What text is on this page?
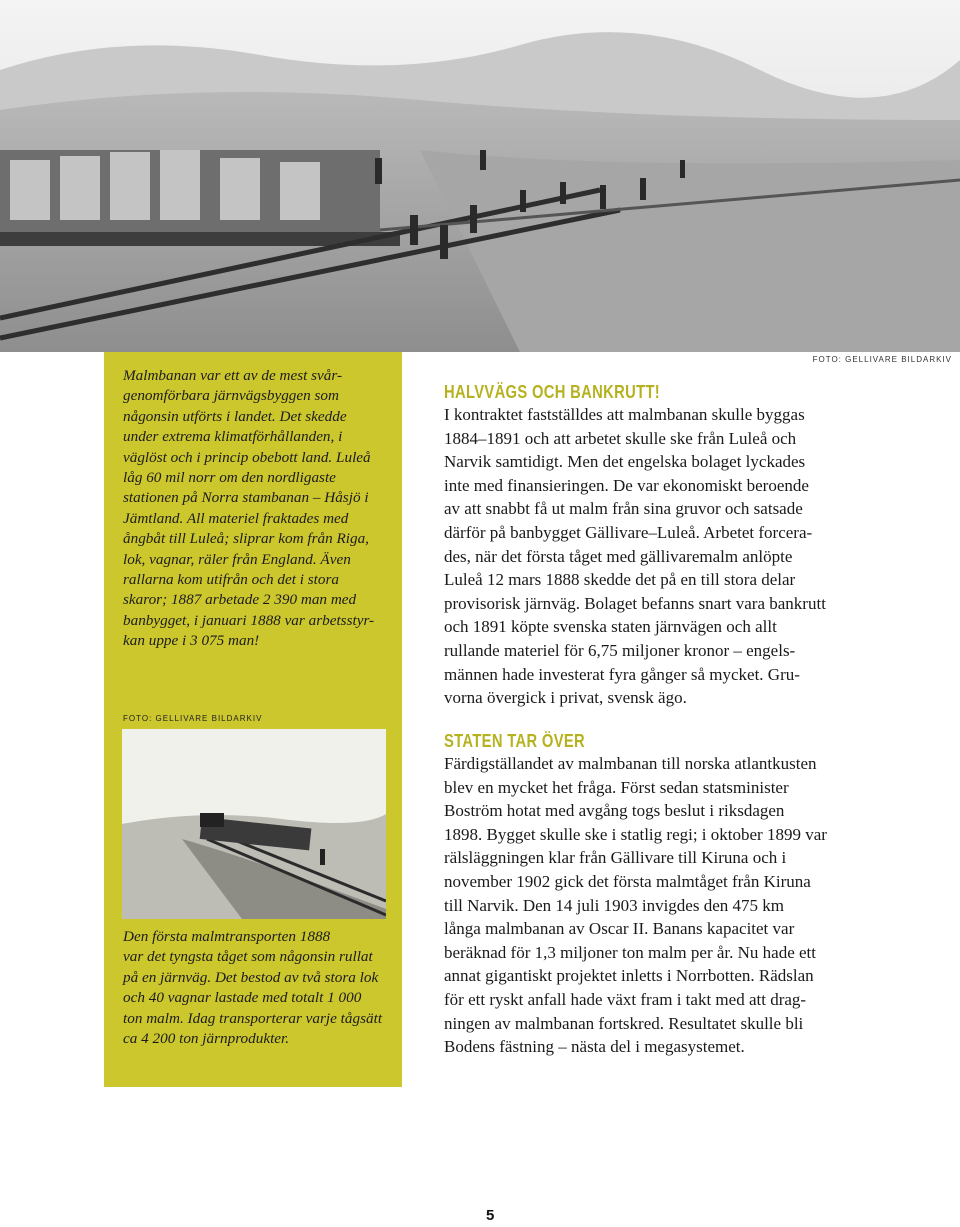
FOTO: GELLIVARE BILDARKIV
Malmbanan var ett av de mest svår-
genomförbara järnvägsbyggen som
någonsin utförts i landet. Det skedde
under extrema klimatförhållanden, i
väglöst och i princip obebott land. Luleå
låg 60 mil norr om den nordligaste
stationen på Norra stambanan – Håsjö i
Jämtland. All materiel fraktades med
ångbåt till Luleå; sliprar kom från Riga,
lok, vagnar, räler från England. Även
rallarna kom utifrån och det i stora
skaror; 1887 arbetade 2 390 man med
banbygget, i januari 1888 var arbetsstyr-
kan uppe i 3 075 man!
FOTO: GELLIVARE BILDARKIV
Den första malmtransporten 1888
var det tyngsta tåget som någonsin rullat
på en järnväg. Det bestod av två stora lok
och 40 vagnar lastade med totalt 1 000
ton malm. Idag transporterar varje tågsätt
ca 4 200 ton järnprodukter.
HALVVÄGS OCH BANKRUTT!

I kontraktet fastställdes att malmbanan skulle byggas
1884–1891 och att arbetet skulle ske från Luleå och
Narvik samtidigt. Men det engelska bolaget lyckades
inte med finansieringen. De var ekonomiskt beroende
av att snabbt få ut malm från sina gruvor och satsade
därför på banbygget Gällivare–Luleå. Arbetet forcera-
des, när det första tåget med gällivaremalm anlöpte
Luleå 12 mars 1888 skedde det på en till stora delar
provisorisk järnväg. Bolaget befanns snart vara bankrutt
och 1891 köpte svenska staten järnvägen och allt
rullande materiel för 6,75 miljoner kronor – engels-
männen hade investerat fyra gånger så mycket. Gru-
vorna övergick i privat, svensk ägo.

STATEN TAR ÖVER

Färdigställandet av malmbanan till norska atlantkusten
blev en mycket het fråga. Först sedan statsminister
Boström hotat med avgång togs beslut i riksdagen
1898. Bygget skulle ske i statlig regi; i oktober 1899 var
rälsläggningen klar från Gällivare till Kiruna och i
november 1902 gick det första malmtåget från Kiruna
till Narvik. Den 14 juli 1903 invigdes den 475 km
långa malmbanan av Oscar II. Banans kapacitet var
beräknad för 1,3 miljoner ton malm per år. Nu hade ett
annat gigantiskt projektet inletts i Norrbotten. Rädslan
för ett ryskt anfall hade växt fram i takt med att drag-
ningen av malmbanan fortskred. Resultatet skulle bli
Bodens fästning – nästa del i megasystemet.

5
